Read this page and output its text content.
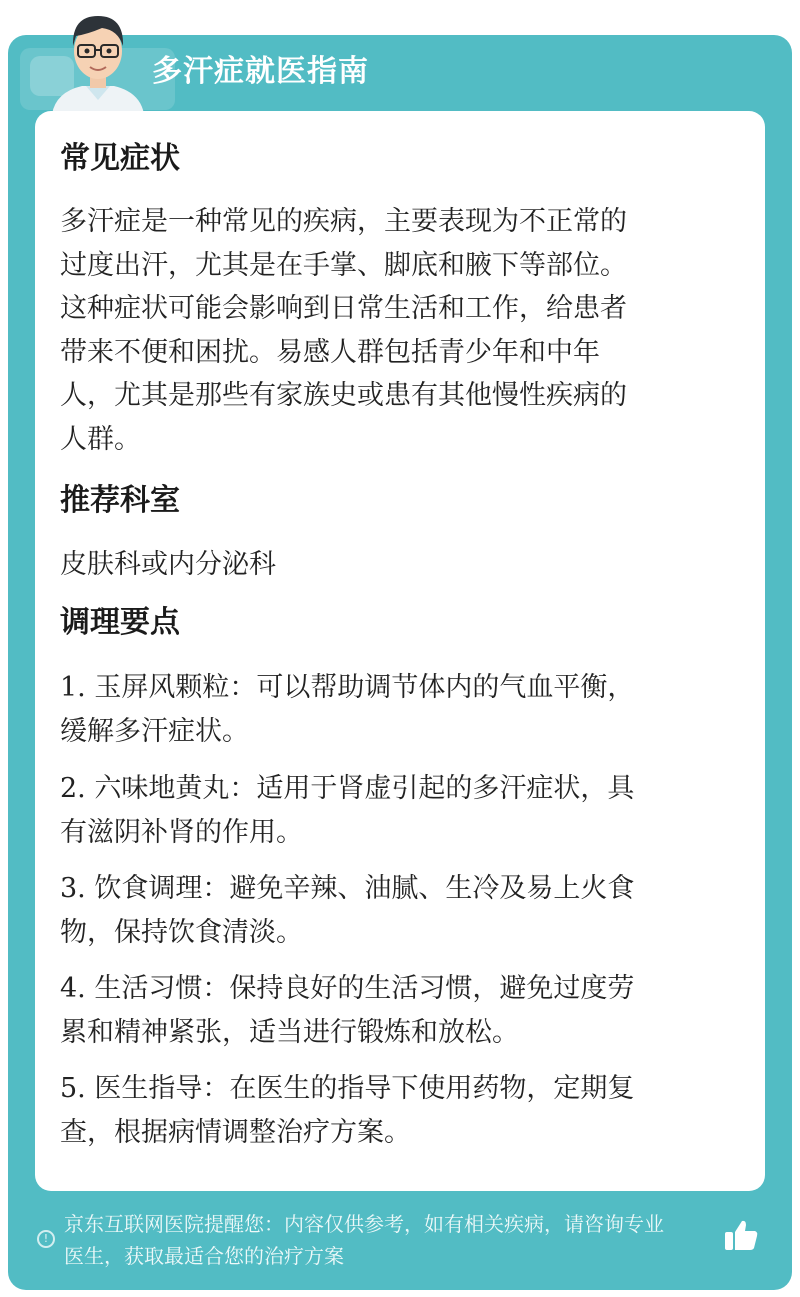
多汗症就医指南
常见症状
多汗症是一种常见的疾病，主要表现为不正常的
过度出汗，尤其是在手掌、脚底和腋下等部位。
这种症状可能会影响到日常生活和工作，给患者
带来不便和困扰。易感人群包括青少年和中年
人，尤其是那些有家族史或患有其他慢性疾病的
人群。
推荐科室
皮肤科或内分泌科
调理要点
1. 玉屏风颗粒：可以帮助调节体内的气血平衡，
缓解多汗症状。
2. 六味地黄丸：适用于肾虚引起的多汗症状，具
有滋阴补肾的作用。
3. 饮食调理：避免辛辣、油腻、生冷及易上火食
物，保持饮食清淡。
4. 生活习惯：保持良好的生活习惯，避免过度劳
累和精神紧张，适当进行锻炼和放松。
5. 医生指导：在医生的指导下使用药物，定期复
查，根据病情调整治疗方案。
!
京东互联网医院提醒您：内容仅供参考，如有相关疾病，请咨询专业
医生，获取最适合您的治疗方案
